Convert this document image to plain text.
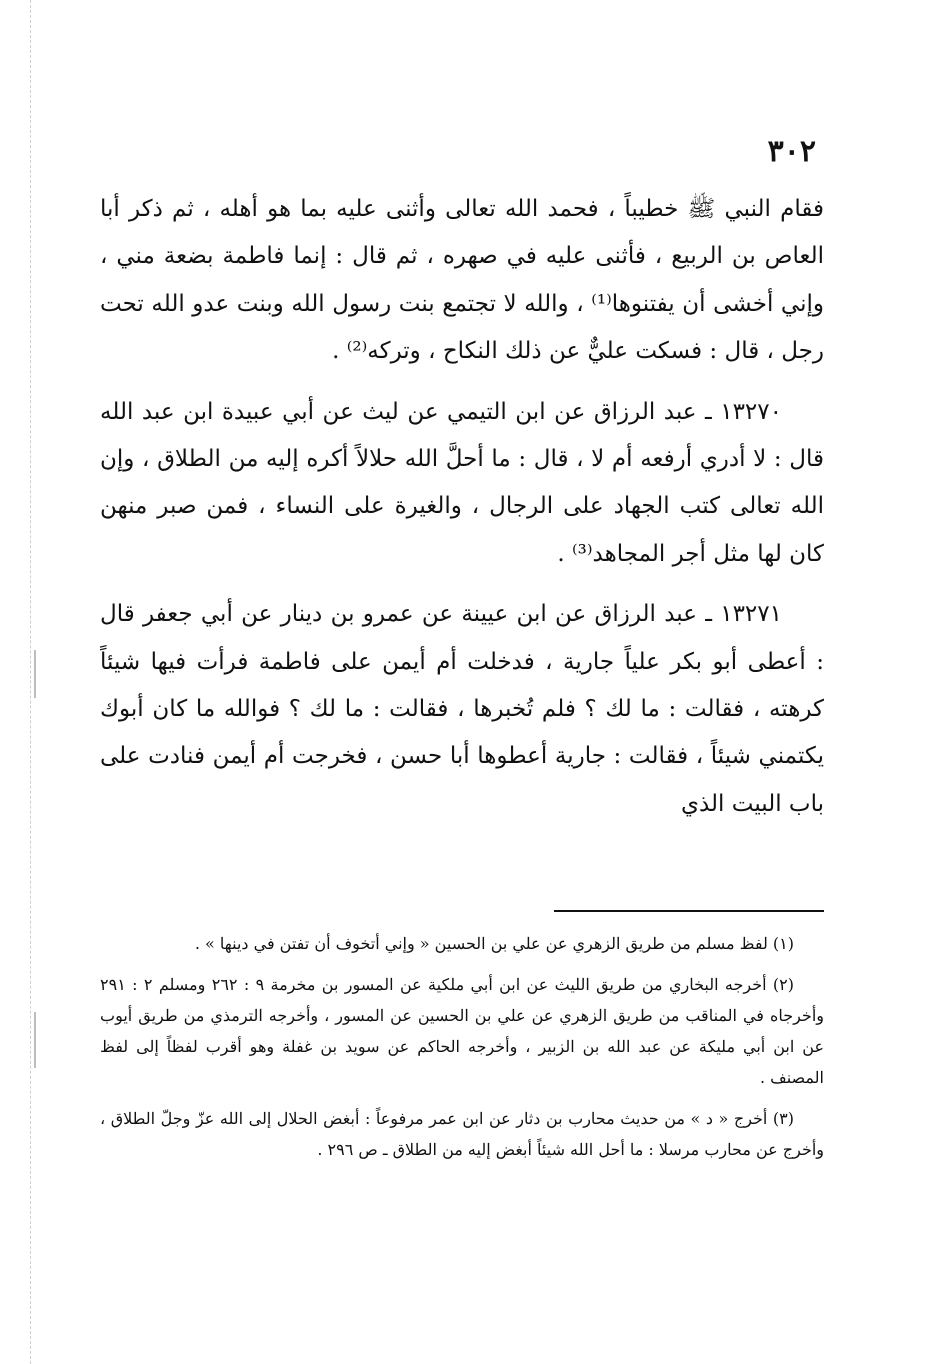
٣٠٢

فقام النبي ﷺ خطيباً ، فحمد الله تعالى وأثنى عليه بما هو أهله ، ثم ذكر أبا العاص بن الربيع ، فأثنى عليه في صهره ، ثم قال : إنما فاطمة بضعة مني ، وإني أخشى أن يفتنوها⁽¹⁾ ، والله لا تجتمع بنت رسول الله وبنت عدو الله تحت رجل ، قال : فسكت عليٌّ عن ذلك النكاح ، وتركه⁽²⁾ .

١٣٢٧٠ ـ عبد الرزاق عن ابن التيمي عن ليث عن أبي عبيدة ابن عبد الله قال : لا أدري أرفعه أم لا ، قال : ما أحلَّ الله حلالاً أكره إليه من الطلاق ، وإن الله تعالى كتب الجهاد على الرجال ، والغيرة على النساء ، فمن صبر منهن كان لها مثل أجر المجاهد⁽³⁾ .

١٣٢٧١ ـ عبد الرزاق عن ابن عيينة عن عمرو بن دينار عن أبي جعفر قال : أعطى أبو بكر علياً جارية ، فدخلت أم أيمن على فاطمة فرأت فيها شيئاً كرهته ، فقالت : ما لك ؟ فلم تُخبرها ، فقالت : ما لك ؟ فوالله ما كان أبوك يكتمني شيئاً ، فقالت : جارية أعطوها أبا حسن ، فخرجت أم أيمن فنادت على باب البيت الذي

(١) لفظ مسلم من طريق الزهري عن علي بن الحسين « وإني أتخوف أن تفتن في دينها » .

(٢) أخرجه البخاري من طريق الليث عن ابن أبي ملكية عن المسور بن مخرمة ٩ : ٢٦٢ ومسلم ٢ : ٢٩١ وأخرجاه في المناقب من طريق الزهري عن علي بن الحسين عن المسور ، وأخرجه الترمذي من طريق أيوب عن ابن أبي مليكة عن عبد الله بن الزبير ، وأخرجه الحاكم عن سويد بن غفلة وهو أقرب لفظاً إلى لفظ المصنف .

(٣) أخرج « د » من حديث محارب بن دثار عن ابن عمر مرفوعاً : أبغض الحلال إلى الله عزّ وجلّ الطلاق ، وأخرج عن محارب مرسلا : ما أحل الله شيئاً أبغض إليه من الطلاق ـ ص ٢٩٦ .
